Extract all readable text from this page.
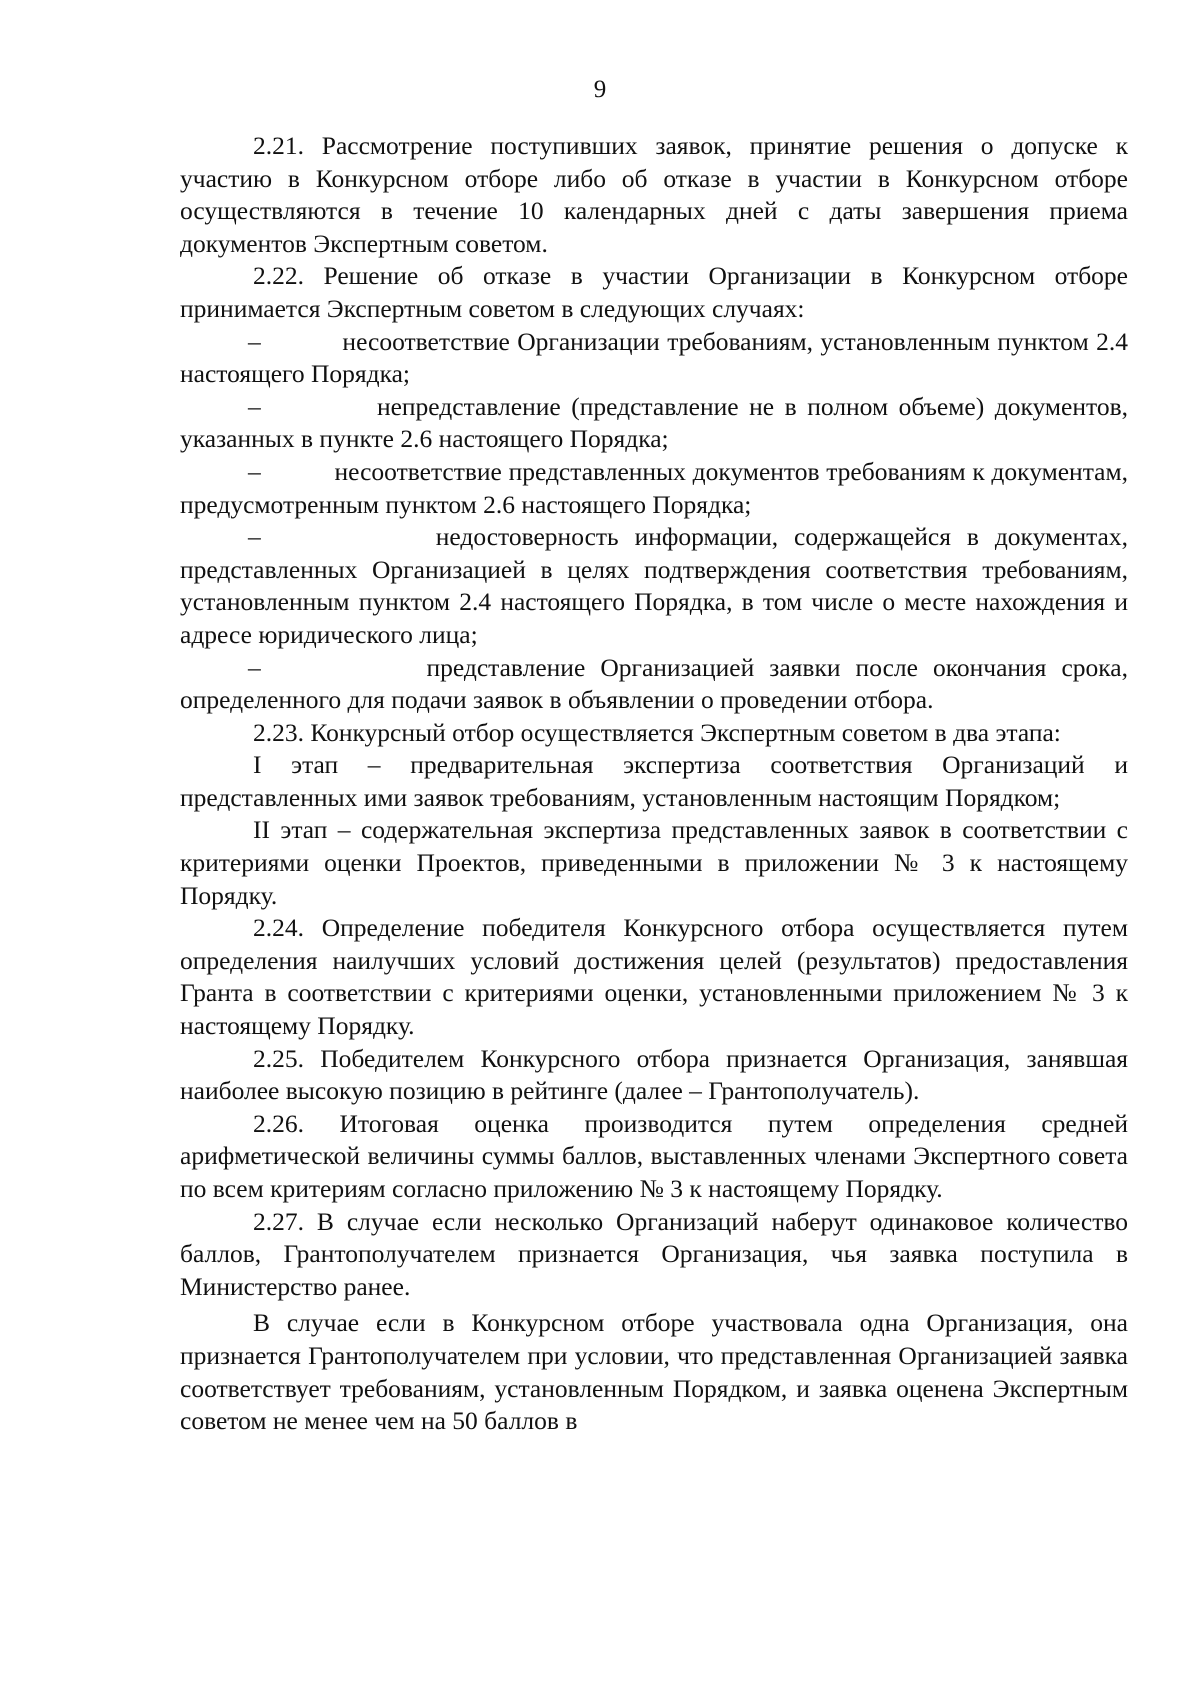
9

2.21. Рассмотрение поступивших заявок, принятие решения о допуске к участию в Конкурсном отборе либо об отказе в участии в Конкурсном отборе осуществляются в течение 10 календарных дней с даты завершения приема документов Экспертным советом.

2.22. Решение об отказе в участии Организации в Конкурсном отборе принимается Экспертным советом в следующих случаях:

–           несоответствие Организации требованиям, установленным пунктом 2.4 настоящего Порядка;

–           непредставление (представление не в полном объеме) документов, указанных в пункте 2.6 настоящего Порядка;

–           несоответствие представленных документов требованиям к документам, предусмотренным пунктом 2.6 настоящего Порядка;

–           недостоверность информации, содержащейся в документах, представленных Организацией в целях подтверждения соответствия требованиям, установленным пунктом 2.4 настоящего Порядка, в том числе о месте нахождения и адресе юридического лица;

–           представление Организацией заявки после окончания срока, определенного для подачи заявок в объявлении о проведении отбора.

2.23. Конкурсный отбор осуществляется Экспертным советом в два этапа:

I этап – предварительная экспертиза соответствия Организаций и представленных ими заявок требованиям, установленным настоящим Порядком;

II этап – содержательная экспертиза представленных заявок в соответствии с критериями оценки Проектов, приведенными в приложении № 3 к настоящему Порядку.

2.24. Определение победителя Конкурсного отбора осуществляется путем определения наилучших условий достижения целей (результатов) предоставления Гранта в соответствии с критериями оценки, установленными приложением № 3 к настоящему Порядку.

2.25. Победителем Конкурсного отбора признается Организация, занявшая наиболее высокую позицию в рейтинге (далее – Грантополучатель).

2.26. Итоговая оценка производится путем определения средней арифметической величины суммы баллов, выставленных членами Экспертного совета по всем критериям согласно приложению № 3 к настоящему Порядку.

2.27. В случае если несколько Организаций наберут одинаковое количество баллов, Грантополучателем признается Организация, чья заявка поступила в Министерство ранее.

В случае если в Конкурсном отборе участвовала одна Организация, она признается Грантополучателем при условии, что представленная Организацией заявка соответствует требованиям, установленным Порядком, и заявка оценена Экспертным советом не менее чем на 50 баллов в
